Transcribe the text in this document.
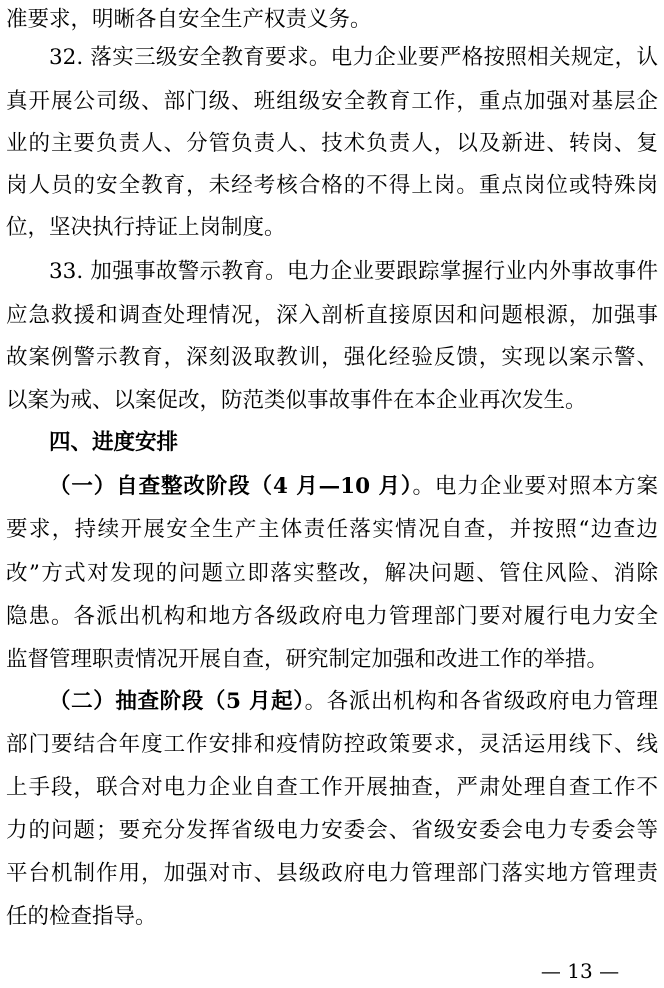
准要求，明晰各自安全生产权责义务。
32. 落实三级安全教育要求。电力企业要严格按照相关规定，认
真开展公司级、部门级、班组级安全教育工作，重点加强对基层企
业的主要负责人、分管负责人、技术负责人，以及新进、转岗、复
岗人员的安全教育，未经考核合格的不得上岗。重点岗位或特殊岗
位，坚决执行持证上岗制度。
33. 加强事故警示教育。电力企业要跟踪掌握行业内外事故事件
应急救援和调查处理情况，深入剖析直接原因和问题根源，加强事
故案例警示教育，深刻汲取教训，强化经验反馈，实现以案示警、
以案为戒、以案促改，防范类似事故事件在本企业再次发生。
四、进度安排
（一）自查整改阶段（4 月—10 月）。电力企业要对照本方案
要求，持续开展安全生产主体责任落实情况自查，并按照“边查边
改”方式对发现的问题立即落实整改，解决问题、管住风险、消除
隐患。各派出机构和地方各级政府电力管理部门要对履行电力安全
监督管理职责情况开展自查，研究制定加强和改进工作的举措。
（二）抽查阶段（5 月起）。各派出机构和各省级政府电力管理
部门要结合年度工作安排和疫情防控政策要求，灵活运用线下、线
上手段，联合对电力企业自查工作开展抽查，严肃处理自查工作不
力的问题；要充分发挥省级电力安委会、省级安委会电力专委会等
平台机制作用，加强对市、县级政府电力管理部门落实地方管理责
任的检查指导。
— 13 —
